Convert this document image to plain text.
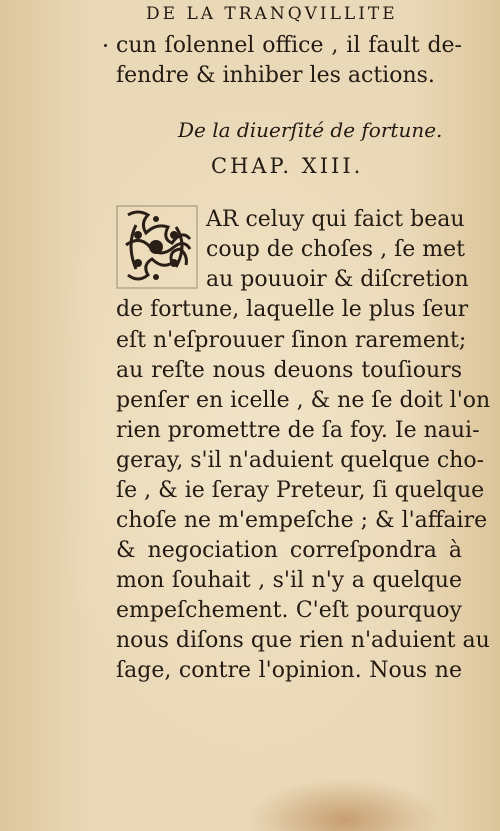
DE LA TRANQVILLITE
cun ſolennel office , il fault de-
fendre & inhiber les actions.
De la diuerſité de fortune.
CHAP. XIII.
AR celuy qui faict beau
coup de choſes , ſe met
au pouuoir & diſcretion
de fortune, laquelle le plus ſeur
eſt n'eſprouuer ſinon rarement;
au reſte nous deuons touſiours
penſer en icelle , & ne ſe doit l'on
rien promettre de ſa foy. Ie naui-
geray, s'il n'aduient quelque cho-
ſe , & ie ſeray Preteur, ſi quelque
choſe ne m'empeſche ; & l'affaire
& negociation correſpondra à
mon ſouhait , s'il n'y a quelque
empeſchement. C'eſt pourquoy
nous diſons que rien n'aduient au
ſage, contre l'opinion. Nous ne
